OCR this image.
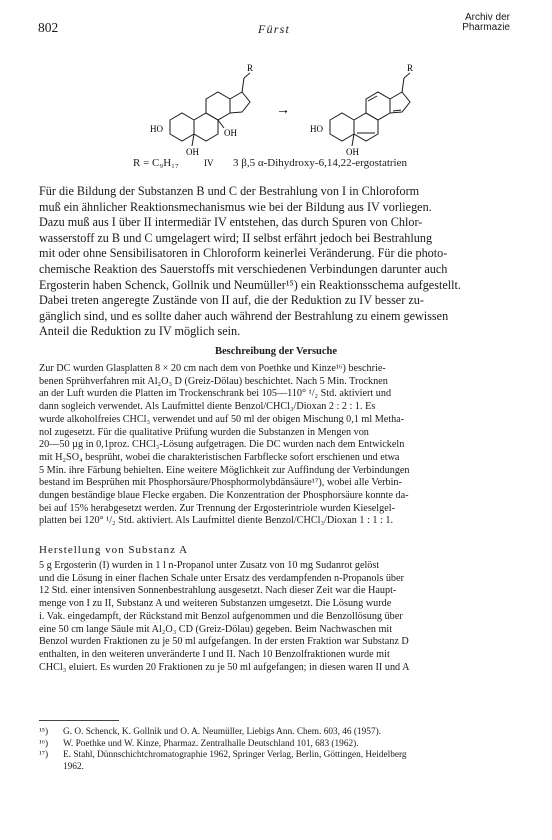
802	Fürst
Archiv der
Pharmazie
R
OH
HO
OH
→
R
HO
OH
IV
R = C₉H₁₇	3 β,5 α-Dihydroxy-6,14,22-ergostatrien
Für die Bildung der Substanzen B und C der Bestrahlung von I in Chloroform
muß ein ähnlicher Reaktionsmechanismus wie bei der Bildung aus IV vorliegen.
Dazu muß aus I über II intermediär IV entstehen, das durch Spuren von Chlor-
wasserstoff zu B und C umgelagert wird; II selbst erfährt jedoch bei Bestrahlung
mit oder ohne Sensibilisatoren in Chloroform keinerlei Veränderung. Für die photo-
chemische Reaktion des Sauerstoffs mit verschiedenen Verbindungen darunter auch
Ergosterin haben Schenck, Gollnik und Neumüller¹⁵) ein Reaktionsschema aufgestellt.
Dabei treten angeregte Zustände von II auf, die der Reduktion zu IV besser zu-
gänglich sind, und es sollte daher auch während der Bestrahlung zu einem gewissen
Anteil die Reduktion zu IV möglich sein.
Beschreibung der Versuche
Zur DC wurden Glasplatten 8 × 20 cm nach dem von Poethke und Kinze¹⁶) beschrie-
benen Sprühverfahren mit Al₂O₃ D (Greiz-Dölau) beschichtet. Nach 5 Min. Trocknen
an der Luft wurden die Platten im Trockenschrank bei 105—110° ¹/₂ Std. aktiviert und
dann sogleich verwendet. Als Laufmittel diente Benzol/CHCl₃/Dioxan 2 : 2 : 1. Es
wurde alkoholfreies CHCl₃ verwendet und auf 50 ml der obigen Mischung 0,1 ml Metha-
nol zugesetzt. Für die qualitative Prüfung wurden die Substanzen in Mengen von
20—50 µg in 0,1proz. CHCl₃-Lösung aufgetragen. Die DC wurden nach dem Entwickeln
mit H₂SO₄ besprüht, wobei die charakteristischen Farbflecke sofort erschienen und etwa
5 Min. ihre Färbung behielten. Eine weitere Möglichkeit zur Auffindung der Verbindungen
bestand im Besprühen mit Phosphorsäure/Phosphormolybdänsäure¹⁷), wobei alle Verbin-
dungen beständige blaue Flecke ergaben. Die Konzentration der Phosphorsäure konnte da-
bei auf 15% herabgesetzt werden. Zur Trennung der Ergosterintriole wurden Kieselgel-
platten bei 120° ¹/₂ Std. aktiviert. Als Laufmittel diente Benzol/CHCl₃/Dioxan 1 : 1 : 1.
Herstellung von Substanz A
5 g Ergosterin (I) wurden in 1 l n-Propanol unter Zusatz von 10 mg Sudanrot gelöst
und die Lösung in einer flachen Schale unter Ersatz des verdampfenden n-Propanols über
12 Std. einer intensiven Sonnenbestrahlung ausgesetzt. Nach dieser Zeit war die Haupt-
menge von I zu II, Substanz A und weiteren Substanzen umgesetzt. Die Lösung wurde
i. Vak. eingedampft, der Rückstand mit Benzol aufgenommen und die Benzollösung über
eine 50 cm lange Säule mit Al₂O₃ CD (Greiz-Dölau) gegeben. Beim Nachwaschen mit
Benzol wurden Fraktionen zu je 50 ml aufgefangen. In der ersten Fraktion war Substanz D
enthalten, in den weiteren unveränderte I und II. Nach 10 Benzolfraktionen wurde mit
CHCl₃ eluiert. Es wurden 20 Fraktionen zu je 50 ml aufgefangen; in diesen waren II und A
¹⁵)	G. O. Schenck, K. Gollnik und O. A. Neumüller, Liebigs Ann. Chem. 603, 46 (1957).
¹⁶)	W. Poethke und W. Kinze, Pharmaz. Zentralhalle Deutschland 101, 683 (1962).
¹⁷)	E. Stahl, Dünnschichtchromatographie 1962, Springer Verlag, Berlin, Göttingen, Heidelberg
1962.
